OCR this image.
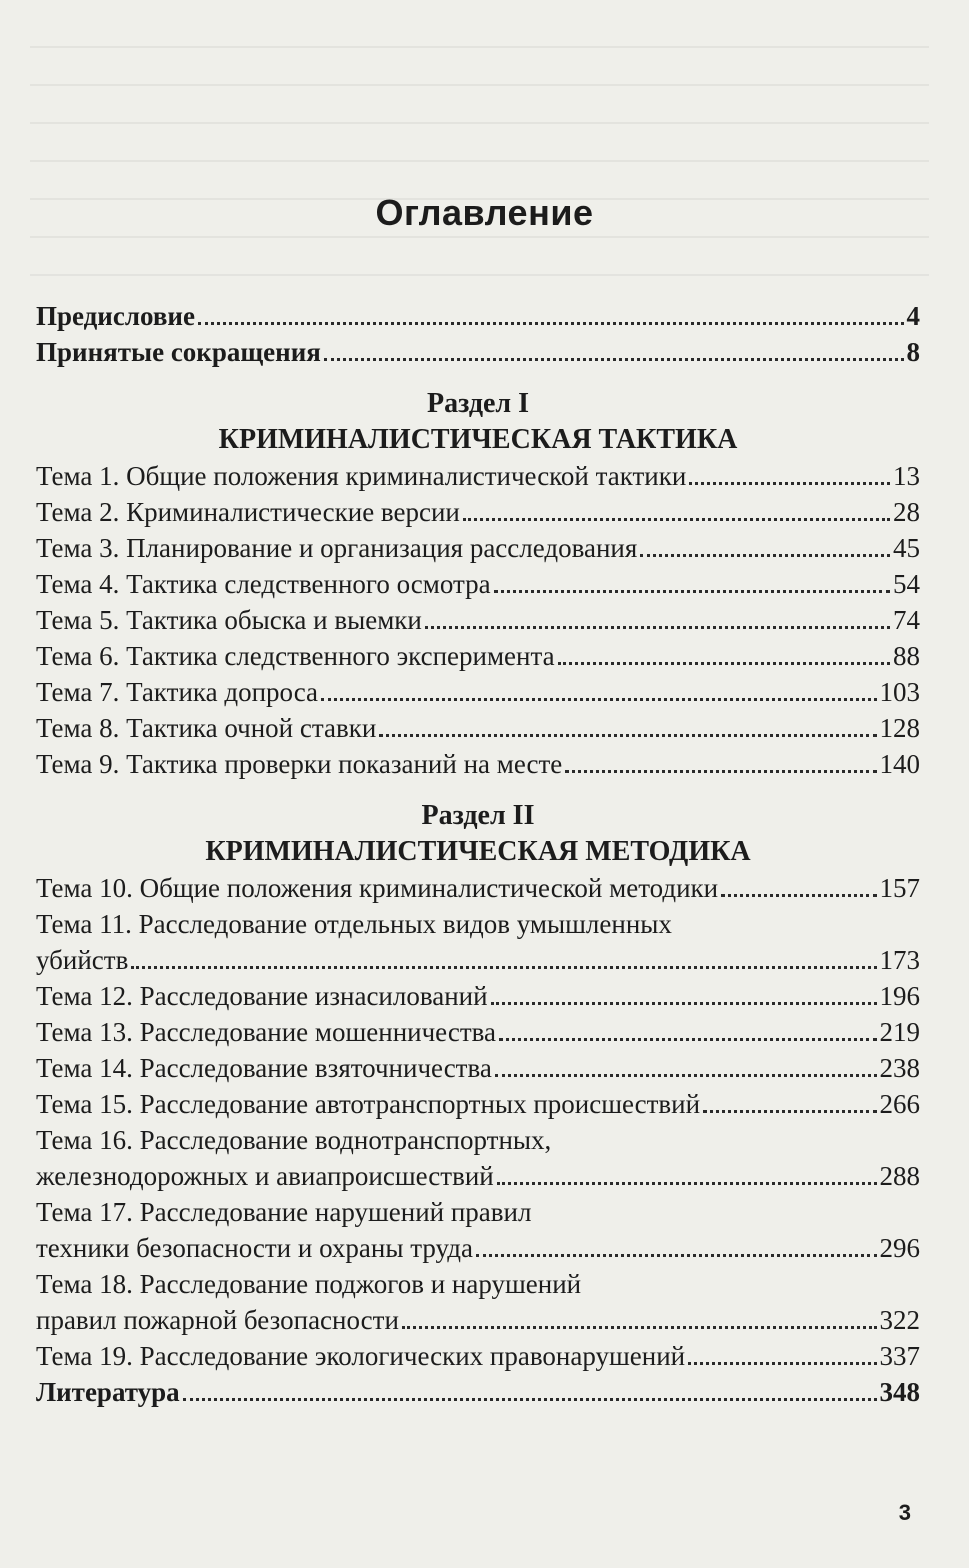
Оглавление
Предисловие	4
Принятые сокращения	8
Раздел I
КРИМИНАЛИСТИЧЕСКАЯ ТАКТИКА
Тема 1. Общие положения криминалистической тактики	13
Тема 2. Криминалистические версии	28
Тема 3. Планирование и организация расследования	45
Тема 4. Тактика следственного осмотра	54
Тема 5. Тактика обыска и выемки	74
Тема 6. Тактика следственного эксперимента	88
Тема 7. Тактика допроса	103
Тема 8. Тактика очной ставки	128
Тема 9. Тактика проверки показаний на месте	140
Раздел II
КРИМИНАЛИСТИЧЕСКАЯ МЕТОДИКА
Тема 10. Общие положения криминалистической методики	157
Тема 11. Расследование отдельных видов умышленных
убийств	173
Тема 12. Расследование изнасилований	196
Тема 13. Расследование мошенничества	219
Тема 14. Расследование взяточничества	238
Тема 15. Расследование автотранспортных происшествий	266
Тема 16. Расследование воднотранспортных,
железнодорожных и авиапроисшествий	288
Тема 17. Расследование нарушений правил
техники безопасности и охраны труда	296
Тема 18. Расследование поджогов и нарушений
правил пожарной безопасности	322
Тема 19. Расследование экологических правонарушений	337
Литература	348
3
